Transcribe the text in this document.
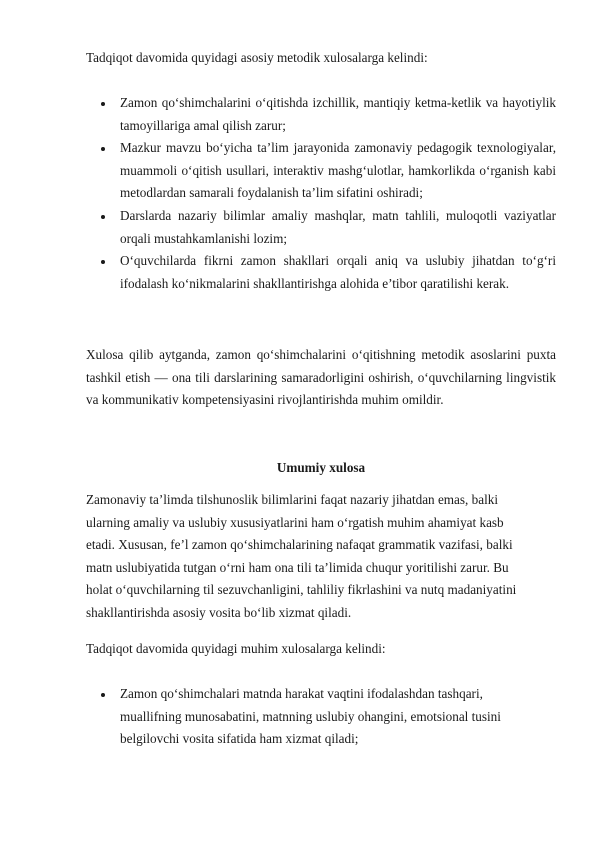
Tadqiqot davomida quyidagi asosiy metodik xulosalarga kelindi:

Zamon qo‘shimchalarini o‘qitishda izchillik, mantiqiy ketma-ketlik va hayotiylik tamoyillariga amal qilish zarur;
Mazkur mavzu bo‘yicha ta’lim jarayonida zamonaviy pedagogik texnologiyalar, muammoli o‘qitish usullari, interaktiv mashg‘ulotlar, hamkorlikda o‘rganish kabi metodlardan samarali foydalanish ta’lim sifatini oshiradi;
Darslarda nazariy bilimlar amaliy mashqlar, matn tahlili, muloqotli vaziyatlar orqali mustahkamlanishi lozim;
O‘quvchilarda fikrni zamon shakllari orqali aniq va uslubiy jihatdan to‘g‘ri ifodalash ko‘nikmalarini shakllantirishga alohida e’tibor qaratilishi kerak.

Xulosa qilib aytganda, zamon qo‘shimchalarini o‘qitishning metodik asoslarini puxta tashkil etish — ona tili darslarining samaradorligini oshirish, o‘quvchilarning lingvistik va kommunikativ kompetensiyasini rivojlantirishda muhim omildir.

Umumiy xulosa

Zamonaviy ta’limda tilshunoslik bilimlarini faqat nazariy jihatdan emas, balki ularning amaliy va uslubiy xususiyatlarini ham o‘rgatish muhim ahamiyat kasb etadi. Xususan, fe’l zamon qo‘shimchalarining nafaqat grammatik vazifasi, balki matn uslubiyatida tutgan o‘rni ham ona tili ta’limida chuqur yoritilishi zarur. Bu holat o‘quvchilarning til sezuvchanligini, tahliliy fikrlashini va nutq madaniyatini shakllantirishda asosiy vosita bo‘lib xizmat qiladi.

Tadqiqot davomida quyidagi muhim xulosalarga kelindi:

Zamon qo‘shimchalari matnda harakat vaqtini ifodalashdan tashqari, muallifning munosabatini, matnning uslubiy ohangini, emotsional tusini belgilovchi vosita sifatida ham xizmat qiladi;
